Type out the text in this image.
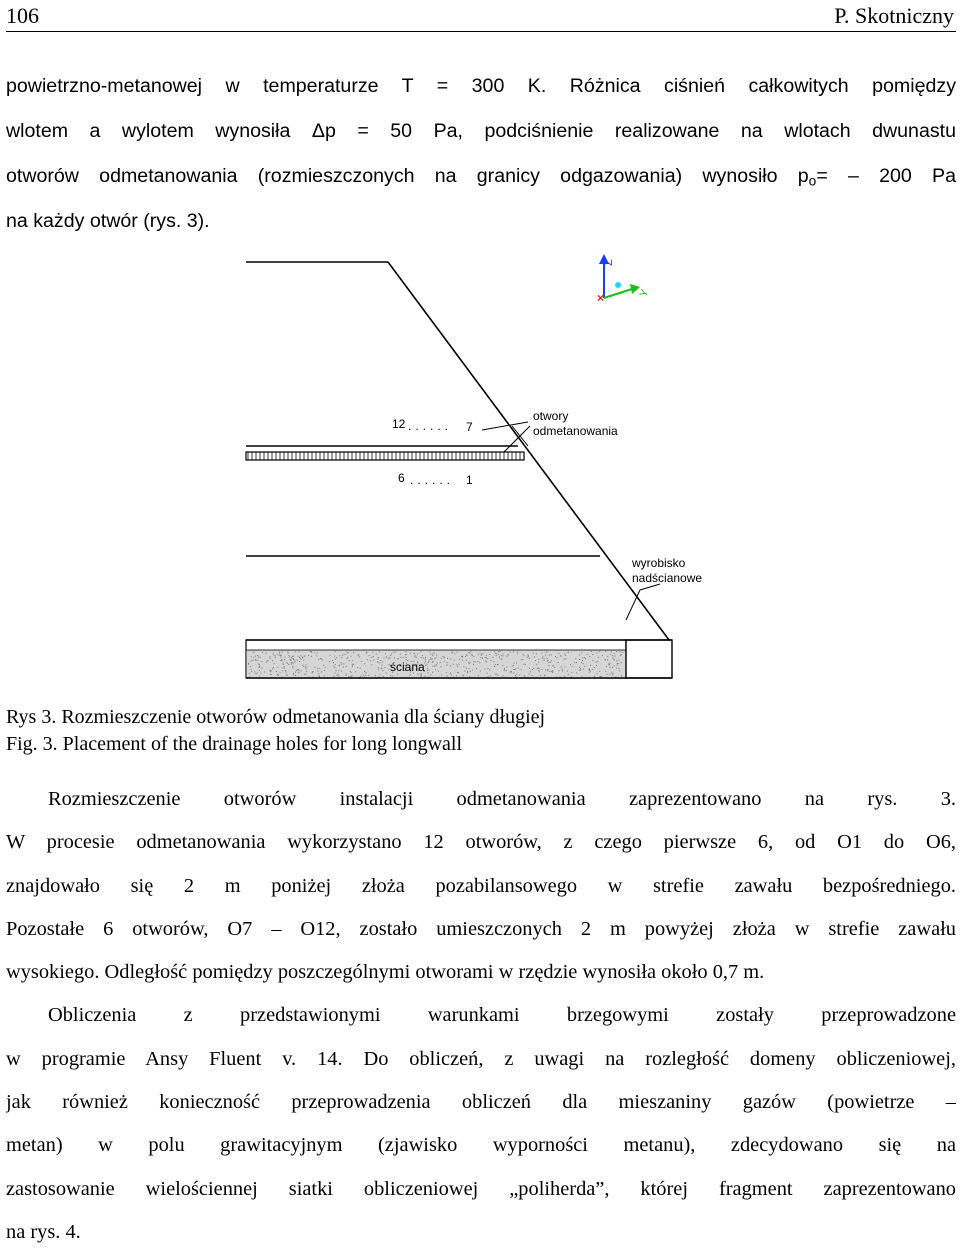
106	P. Skotniczny
powietrzno-metanowej w temperaturze T = 300 K. Różnica ciśnień całkowitych pomiędzy
wlotem a wylotem wynosiła Δp = 50 Pa, podciśnienie realizowane na wlotach dwunastu
otworów odmetanowania (rozmieszczonych na granicy odgazowania) wynosiło $p_o= - 200$ Pa
na każdy otwór (rys. 3).
Z
Y
×
12 ...... 7
6 ...... 1
otwory
odmetanowania
wyrobisko
nadścianowe
ściana
Rys 3. Rozmieszczenie otworów odmetanowania dla ściany długiej
Fig. 3. Placement of the drainage holes for long longwall
Rozmieszczenie otworów instalacji odmetanowania zaprezentowano na rys. 3.
W procesie odmetanowania wykorzystano 12 otworów, z czego pierwsze 6, od O1 do O6,
znajdowało się 2 m poniżej złoża pozabilansowego w strefie zawału bezpośredniego.
Pozostałe 6 otworów, O7 – O12, zostało umieszczonych 2 m powyżej złoża w strefie zawału
wysokiego. Odległość pomiędzy poszczególnymi otworami w rzędzie wynosiła około 0,7 m.
Obliczenia z przedstawionymi warunkami brzegowymi zostały przeprowadzone
w programie Ansy Fluent v. 14. Do obliczeń, z uwagi na rozległość domeny obliczeniowej,
jak również konieczność przeprowadzenia obliczeń dla mieszaniny gazów (powietrze –
metan) w polu grawitacyjnym (zjawisko wyporności metanu), zdecydowano się na
zastosowanie wielościennej siatki obliczeniowej „poliherda”, której fragment zaprezentowano
na rys. 4.
